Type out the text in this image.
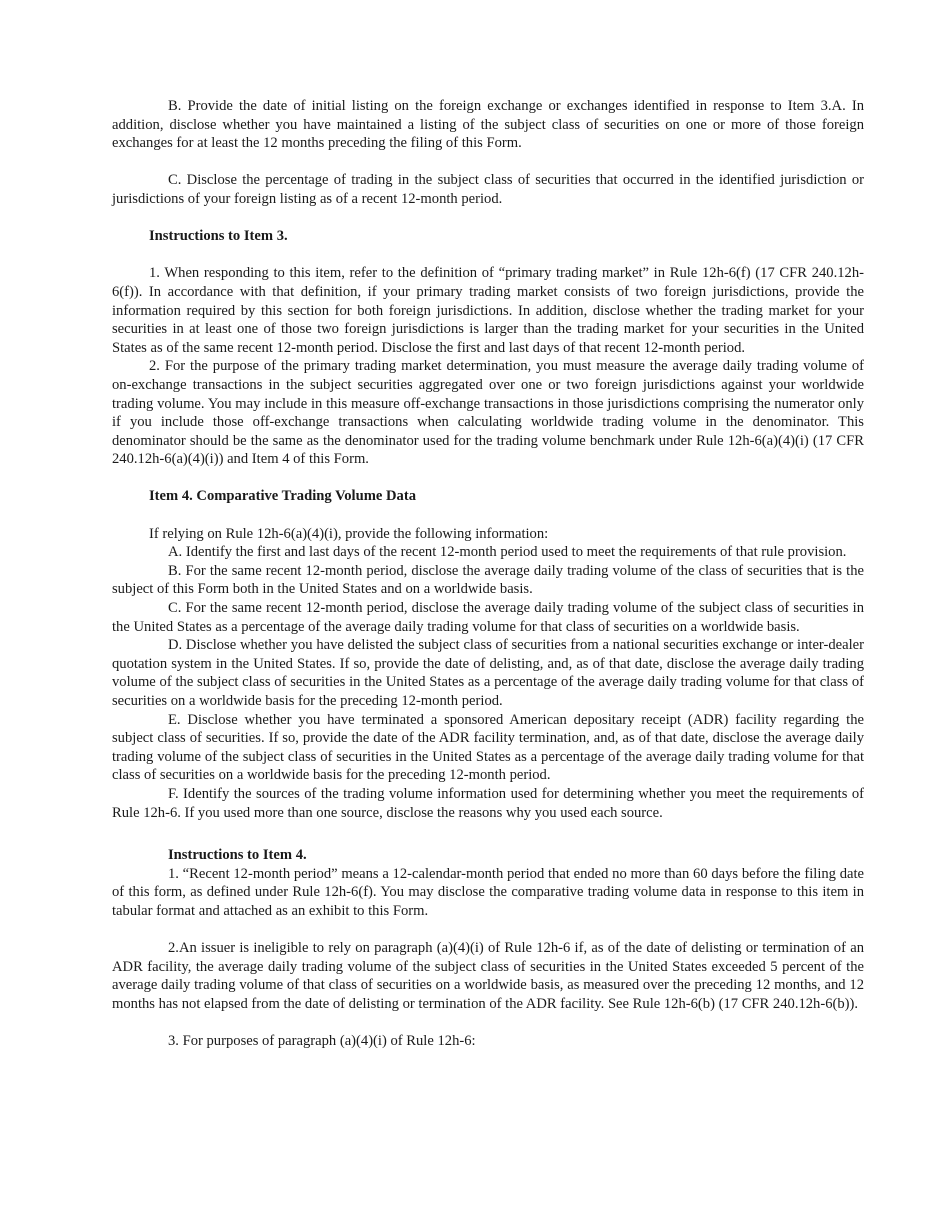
B. Provide the date of initial listing on the foreign exchange or exchanges identified in response to Item 3.A. In addition, disclose whether you have maintained a listing of the subject class of securities on one or more of those foreign exchanges for at least the 12 months preceding the filing of this Form.

C. Disclose the percentage of trading in the subject class of securities that occurred in the identified jurisdiction or jurisdictions of your foreign listing as of a recent 12-month period.

Instructions to Item 3.

1. When responding to this item, refer to the definition of “primary trading market” in Rule 12h-6(f) (17 CFR 240.12h-6(f)). In accordance with that definition, if your primary trading market consists of two foreign jurisdictions, provide the information required by this section for both foreign jurisdictions. In addition, disclose whether the trading market for your securities in at least one of those two foreign jurisdictions is larger than the trading market for your securities in the United States as of the same recent 12-month period. Disclose the first and last days of that recent 12-month period.

2. For the purpose of the primary trading market determination, you must measure the average daily trading volume of on-exchange transactions in the subject securities aggregated over one or two foreign jurisdictions against your worldwide trading volume. You may include in this measure off-exchange transactions in those jurisdictions comprising the numerator only if you include those off-exchange transactions when calculating worldwide trading volume in the denominator. This denominator should be the same as the denominator used for the trading volume benchmark under Rule 12h-6(a)(4)(i) (17 CFR 240.12h-6(a)(4)(i)) and Item 4 of this Form.

Item 4. Comparative Trading Volume Data

If relying on Rule 12h-6(a)(4)(i), provide the following information:

A. Identify the first and last days of the recent 12-month period used to meet the requirements of that rule provision.

B. For the same recent 12-month period, disclose the average daily trading volume of the class of securities that is the subject of this Form both in the United States and on a worldwide basis.

C. For the same recent 12-month period, disclose the average daily trading volume of the subject class of securities in the United States as a percentage of the average daily trading volume for that class of securities on a worldwide basis.

D. Disclose whether you have delisted the subject class of securities from a national securities exchange or inter-dealer quotation system in the United States. If so, provide the date of delisting, and, as of that date, disclose the average daily trading volume of the subject class of securities in the United States as a percentage of the average daily trading volume for that class of securities on a worldwide basis for the preceding 12-month period.

E. Disclose whether you have terminated a sponsored American depositary receipt (ADR) facility regarding the subject class of securities. If so, provide the date of the ADR facility termination, and, as of that date, disclose the average daily trading volume of the subject class of securities in the United States as a percentage of the average daily trading volume for that class of securities on a worldwide basis for the preceding 12-month period.

F. Identify the sources of the trading volume information used for determining whether you meet the requirements of Rule 12h-6. If you used more than one source, disclose the reasons why you used each source.

Instructions to Item 4.

1. “Recent 12-month period” means a 12-calendar-month period that ended no more than 60 days before the filing date of this form, as defined under Rule 12h-6(f). You may disclose the comparative trading volume data in response to this item in tabular format and attached as an exhibit to this Form.

2.An issuer is ineligible to rely on paragraph (a)(4)(i) of Rule 12h-6 if, as of the date of delisting or termination of an ADR facility, the average daily trading volume of the subject class of securities in the United States exceeded 5 percent of the average daily trading volume of that class of securities on a worldwide basis, as measured over the preceding 12 months, and 12 months has not elapsed from the date of delisting or termination of the ADR facility. See Rule 12h-6(b) (17 CFR 240.12h-6(b)).

3. For purposes of paragraph (a)(4)(i) of Rule 12h-6:
